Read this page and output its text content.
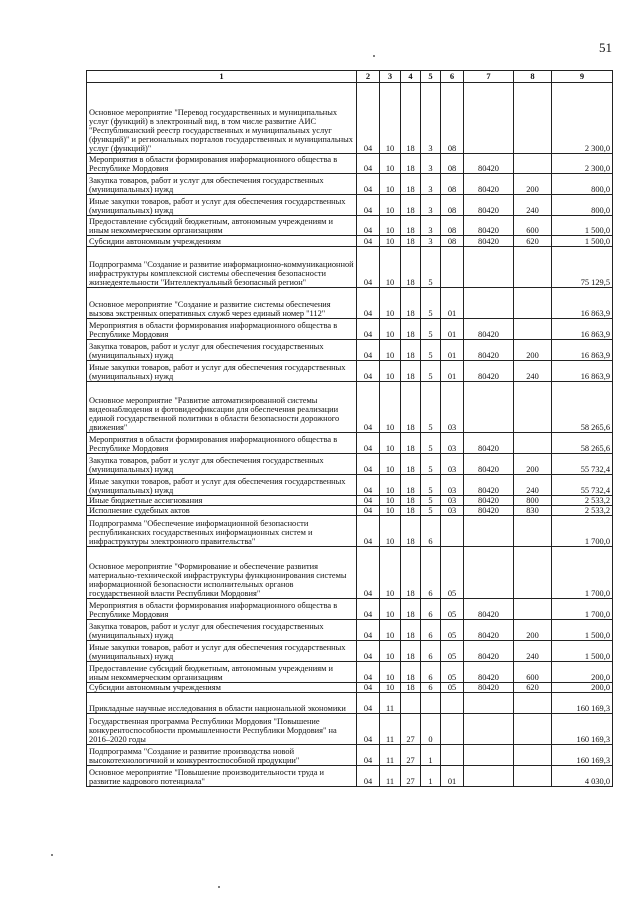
51
1	2	3	4	5	6	7	8	9
Основное мероприятие "Перевод государственных и муниципальных услуг (функций) в электронный вид, в том числе развитие АИС "Республиканский реестр государственных и муниципальных услуг (функций)" и региональных порталов государственных и муниципальных услуг (функций)"	04	10	18	3	08			2 300,0
Мероприятия в области формирования информационного общества в Республике Мордовия	04	10	18	3	08	80420		2 300,0
Закупка товаров, работ и услуг для обеспечения государственных (муниципальных) нужд	04	10	18	3	08	80420	200	800,0
Иные закупки товаров, работ и услуг для обеспечения государственных (муниципальных) нужд	04	10	18	3	08	80420	240	800,0
Предоставление субсидий бюджетным, автономным учреждениям и иным некоммерческим организациям	04	10	18	3	08	80420	600	1 500,0
Субсидии автономным учреждениям	04	10	18	3	08	80420	620	1 500,0
Подпрограмма "Создание и развитие информационно-коммуникационной инфраструктуры комплексной системы обеспечения безопасности жизнедеятельности "Интеллектуальный безопасный регион"	04	10	18	5				75 129,5
Основное мероприятие "Создание и развитие системы обеспечения вызова экстренных оперативных служб через единый номер "112"	04	10	18	5	01			16 863,9
Мероприятия в области формирования информационного общества в Республике Мордовия	04	10	18	5	01	80420		16 863,9
Закупка товаров, работ и услуг для обеспечения государственных (муниципальных) нужд	04	10	18	5	01	80420	200	16 863,9
Иные закупки товаров, работ и услуг для обеспечения государственных (муниципальных) нужд	04	10	18	5	01	80420	240	16 863,9
Основное мероприятие "Развитие автоматизированной системы видеонаблюдения и фотовидеофиксации для обеспечения реализации единой государственной политики в области безопасности дорожного движения"	04	10	18	5	03			58 265,6
Мероприятия в области формирования информационного общества в Республике Мордовия	04	10	18	5	03	80420		58 265,6
Закупка товаров, работ и услуг для обеспечения государственных (муниципальных) нужд	04	10	18	5	03	80420	200	55 732,4
Иные закупки товаров, работ и услуг для обеспечения государственных (муниципальных) нужд	04	10	18	5	03	80420	240	55 732,4
Иные бюджетные ассигнования	04	10	18	5	03	80420	800	2 533,2
Исполнение судебных актов	04	10	18	5	03	80420	830	2 533,2
Подпрограмма "Обеспечение информационной безопасности республиканских государственных информационных систем и инфраструктуры электронного правительства"	04	10	18	6				1 700,0
Основное мероприятие "Формирование и обеспечение развития материально-технической инфраструктуры функционирования системы информационной безопасности исполнительных органов государственной власти Республики Мордовия"	04	10	18	6	05			1 700,0
Мероприятия в области формирования информационного общества в Республике Мордовия	04	10	18	6	05	80420		1 700,0
Закупка товаров, работ и услуг для обеспечения государственных (муниципальных) нужд	04	10	18	6	05	80420	200	1 500,0
Иные закупки товаров, работ и услуг для обеспечения государственных (муниципальных) нужд	04	10	18	6	05	80420	240	1 500,0
Предоставление субсидий бюджетным, автономным учреждениям и иным некоммерческим организациям	04	10	18	6	05	80420	600	200,0
Субсидии автономным учреждениям	04	10	18	6	05	80420	620	200,0
Прикладные научные исследования в области национальной экономики	04	11						160 169,3
Государственная программа Республики Мордовия "Повышение конкурентоспособности промышленности Республики Мордовия" на 2016–2020 годы	04	11	27	0				160 169,3
Подпрограмма "Создание и развитие производства новой высокотехнологичной и конкурентоспособной продукции"	04	11	27	1				160 169,3
Основное мероприятие "Повышение производительности труда и развитие кадрового потенциала"	04	11	27	1	01			4 030,0
